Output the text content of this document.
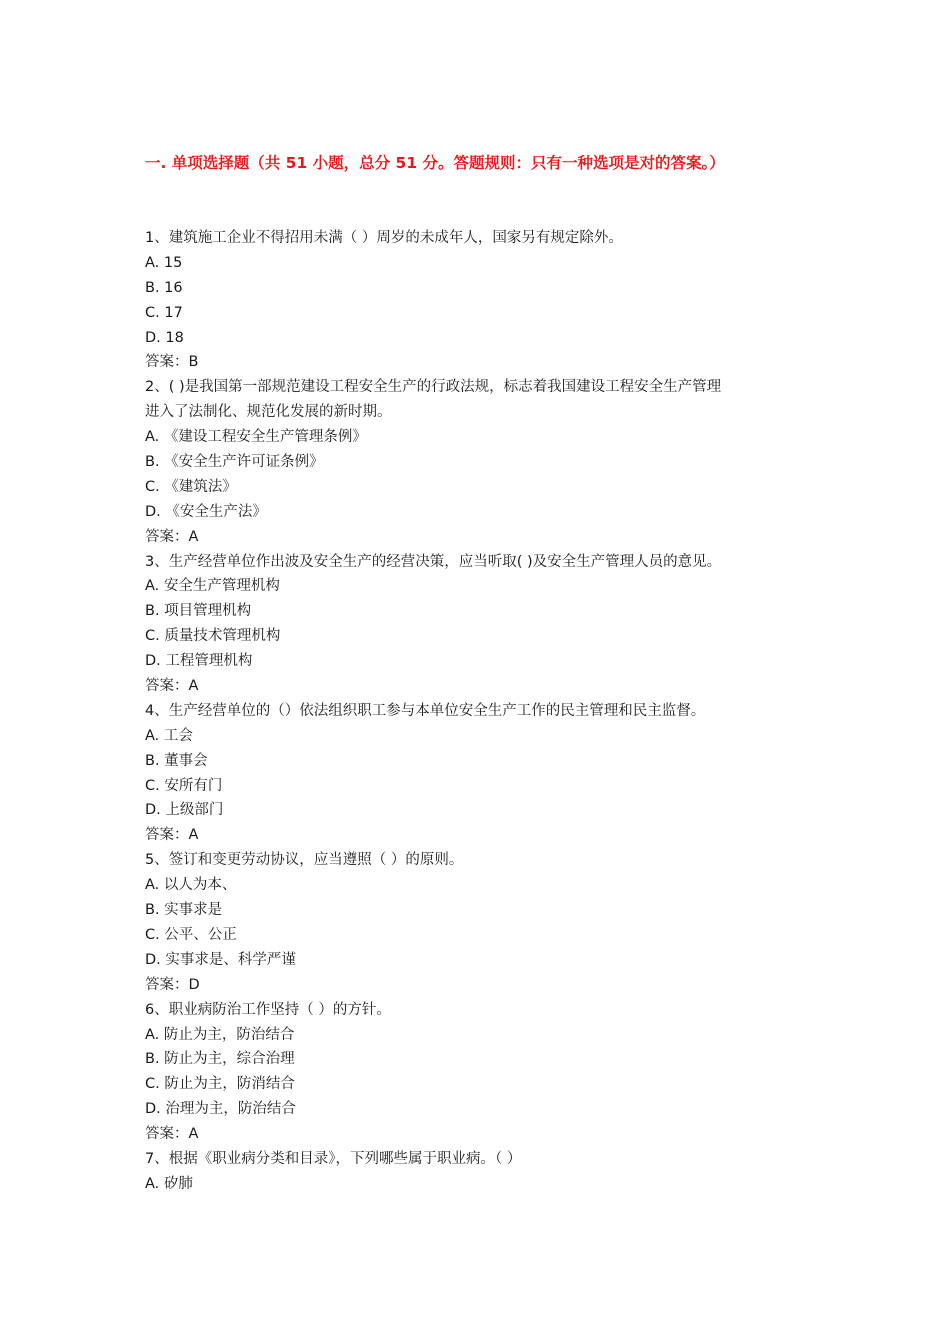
一. 单项选择题（共 51 小题，总分 51 分。答题规则：只有一种选项是对的答案。）
1、建筑施工企业不得招用未满（ ）周岁的未成年人，国家另有规定除外。
A. 15
B. 16
C. 17
D. 18
答案：B
2、( )是我国第一部规范建设工程安全生产的行政法规，标志着我国建设工程安全生产管理
进入了法制化、规范化发展的新时期。
A. 《建设工程安全生产管理条例》
B. 《安全生产许可证条例》
C. 《建筑法》
D. 《安全生产法》
答案：A
3、生产经营单位作出波及安全生产的经营决策，应当听取( )及安全生产管理人员的意见。
A. 安全生产管理机构
B. 项目管理机构
C. 质量技术管理机构
D. 工程管理机构
答案：A
4、生产经营单位的（）依法组织职工参与本单位安全生产工作的民主管理和民主监督。
A. 工会
B. 董事会
C. 安所有门
D. 上级部门
答案：A
5、签订和变更劳动协议，应当遵照（ ）的原则。
A. 以人为本、
B. 实事求是
C. 公平、公正
D. 实事求是、科学严谨
答案：D
6、职业病防治工作坚持（ ）的方针。
A. 防止为主，防治结合
B. 防止为主，综合治理
C. 防止为主，防消结合
D. 治理为主，防治结合
答案：A
7、根据《职业病分类和目录》，下列哪些属于职业病。（ ）
A. 矽肺
